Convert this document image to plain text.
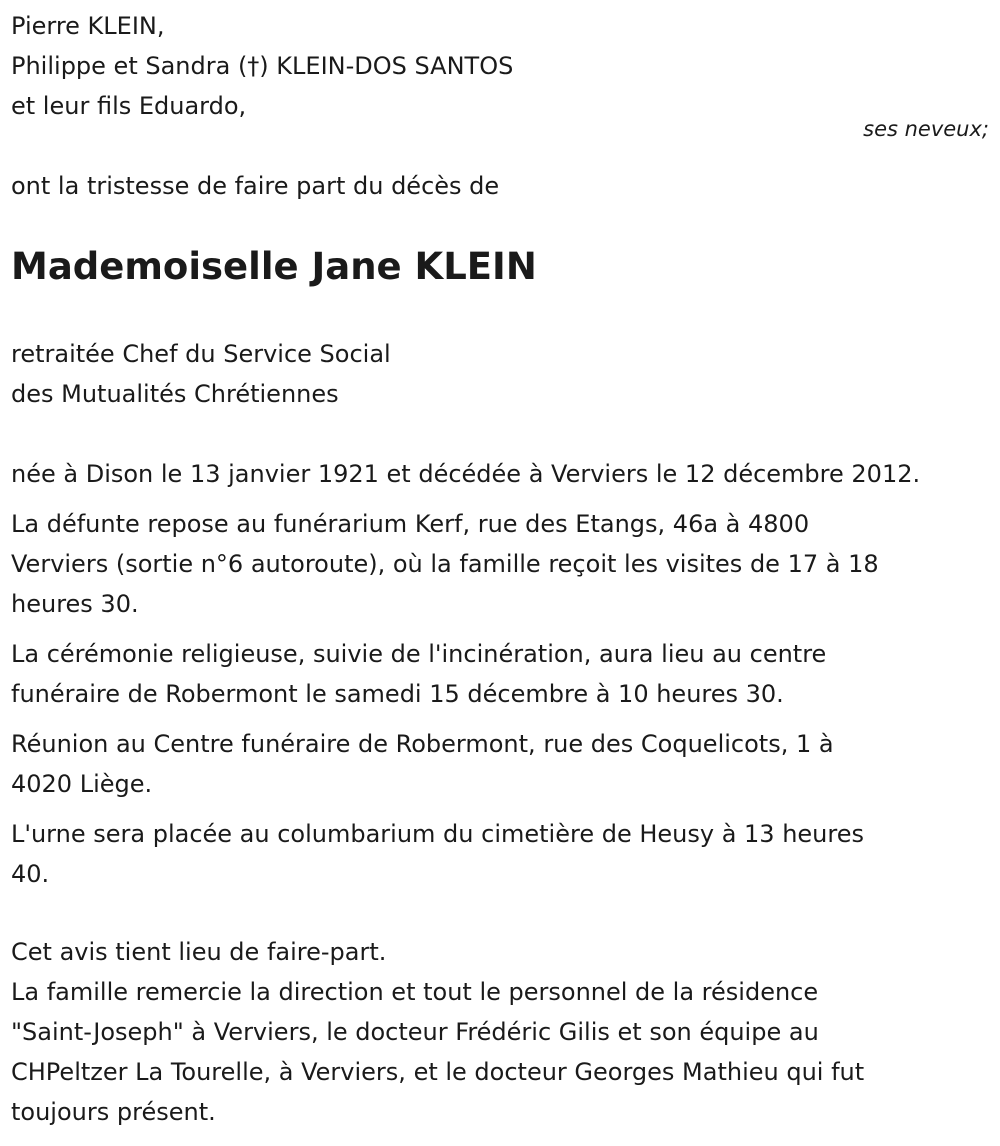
Pierre KLEIN,

Philippe et Sandra (†) KLEIN-DOS SANTOS

et leur fils Eduardo,

ses neveux;

ont la tristesse de faire part du décès de

Mademoiselle Jane KLEIN

retraitée Chef du Service Social

des Mutualités Chrétiennes

née à Dison le 13 janvier 1921 et décédée à Verviers le 12 décembre 2012.

La défunte repose au funérarium Kerf, rue des Etangs, 46a à 4800
Verviers (sortie n°6 autoroute), où la famille reçoit les visites de 17 à 18
heures 30.

La cérémonie religieuse, suivie de l'incinération, aura lieu au centre
funéraire de Robermont le samedi 15 décembre à 10 heures 30.

Réunion au Centre funéraire de Robermont, rue des Coquelicots, 1 à
4020 Liège.

L'urne sera placée au columbarium du cimetière de Heusy à 13 heures
40.

Cet avis tient lieu de faire-part.

La famille remercie la direction et tout le personnel de la résidence
"Saint-Joseph" à Verviers, le docteur Frédéric Gilis et son équipe au
CHPeltzer La Tourelle, à Verviers, et le docteur Georges Mathieu qui fut
toujours présent.
